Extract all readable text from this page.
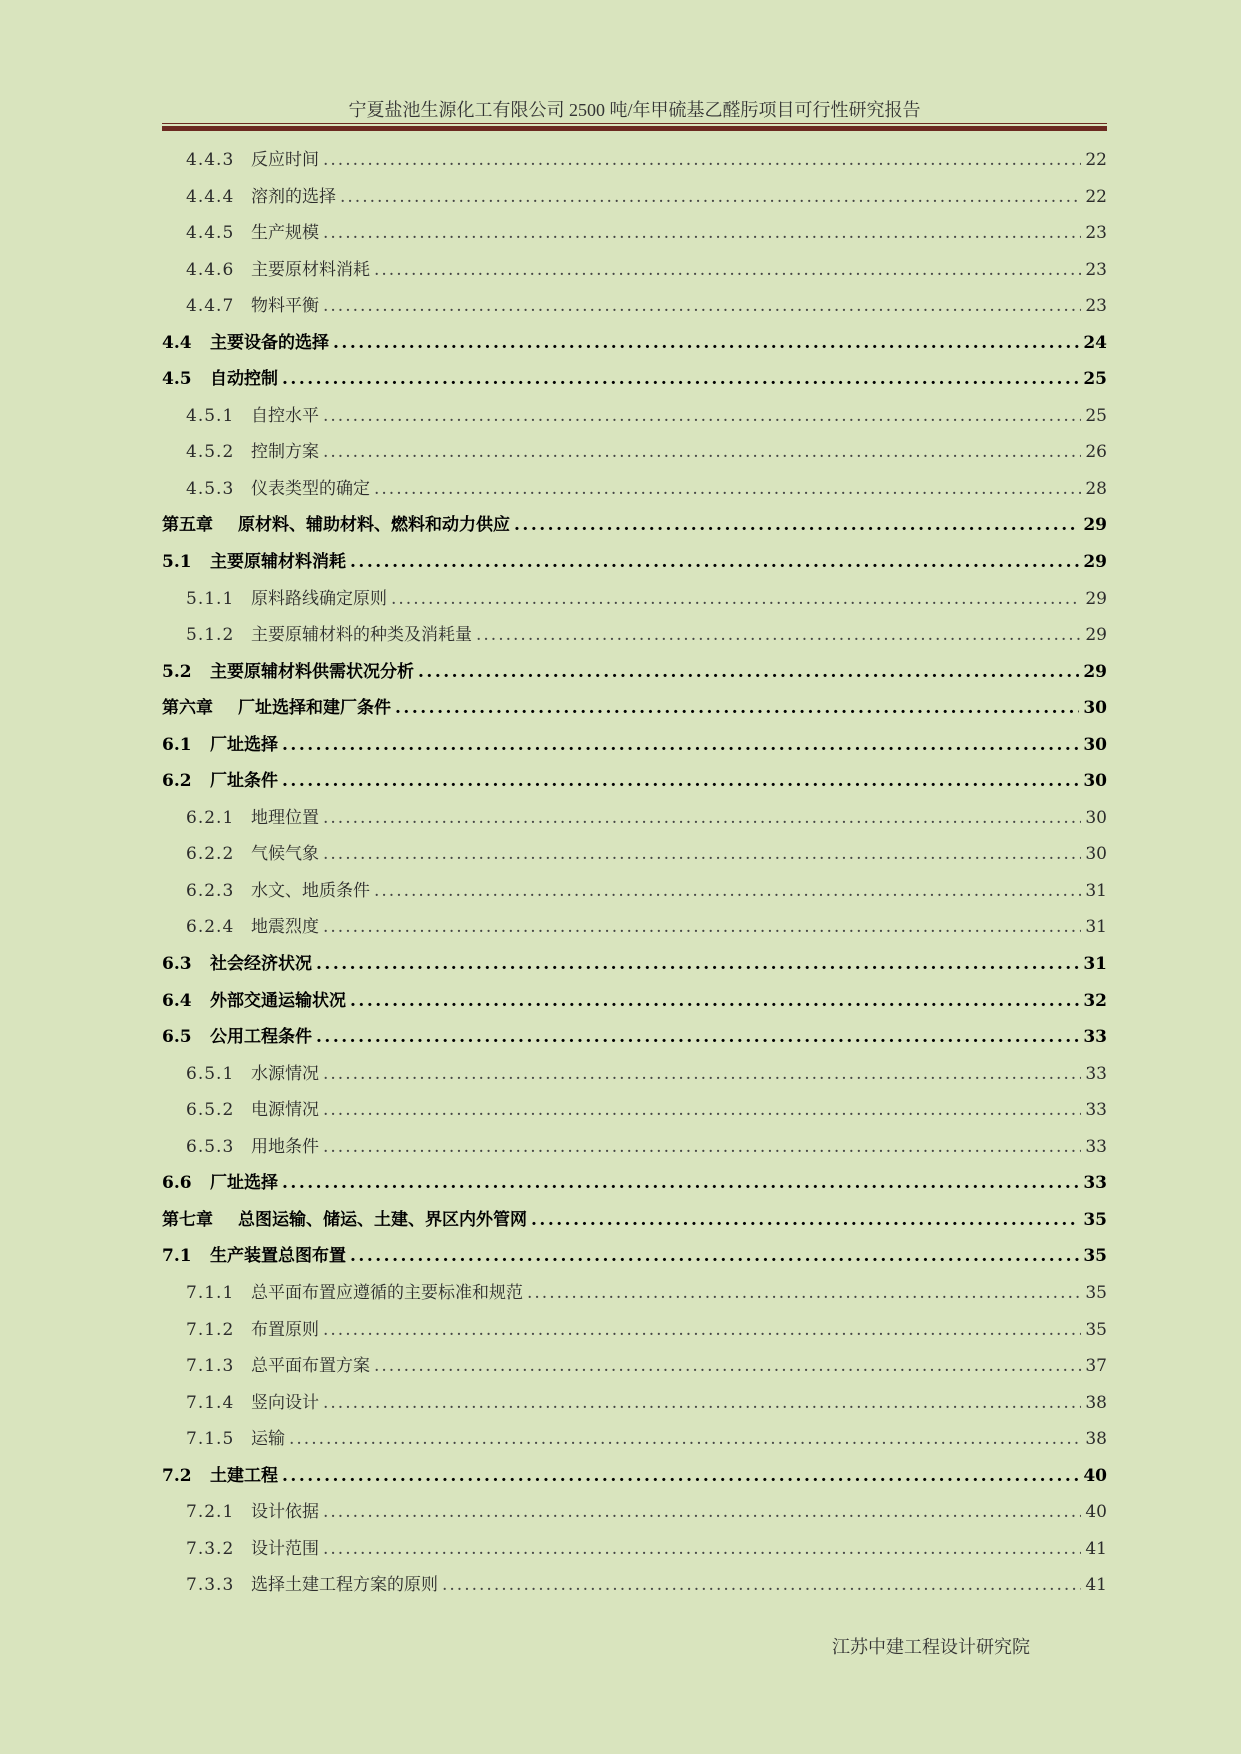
宁夏盐池生源化工有限公司 2500 吨/年甲硫基乙醛肟项目可行性研究报告
4.4.3 反应时间 .....	22
4.4.4 溶剂的选择 .....	22
4.4.5 生产规模 .....	23
4.4.6 主要原材料消耗 .....	23
4.4.7 物料平衡 .....	23
4.4	主要设备的选择 .....	24
4.5	自动控制 .....	25
4.5.1 自控水平 .....	25
4.5.2 控制方案 .....	26
4.5.3 仪表类型的确定 .....	28
第五章	原材料、辅助材料、燃料和动力供应 .....	29
5.1	主要原辅材料消耗 .....	29
5.1.1 原料路线确定原则 .....	29
5.1.2 主要原辅材料的种类及消耗量 .....	29
5.2	主要原辅材料供需状况分析 .....	29
第六章	厂址选择和建厂条件 .....	30
6.1	厂址选择 .....	30
6.2	厂址条件 .....	30
6.2.1 地理位置 .....	30
6.2.2 气候气象 .....	30
6.2.3 水文、地质条件 .....	31
6.2.4 地震烈度 .....	31
6.3	社会经济状况 .....	31
6.4	外部交通运输状况 .....	32
6.5	公用工程条件 .....	33
6.5.1 水源情况 .....	33
6.5.2 电源情况 .....	33
6.5.3 用地条件 .....	33
6.6	厂址选择 .....	33
第七章	总图运输、储运、土建、界区内外管网 .....	35
7.1	生产装置总图布置 .....	35
7.1.1 总平面布置应遵循的主要标准和规范 .....	35
7.1.2 布置原则 .....	35
7.1.3 总平面布置方案 .....	37
7.1.4 竖向设计 .....	38
7.1.5 运输 .....	38
7.2	土建工程 .....	40
7.2.1 设计依据 .....	40
7.3.2 设计范围 .....	41
7.3.3 选择土建工程方案的原则 .....	41
江苏中建工程设计研究院
